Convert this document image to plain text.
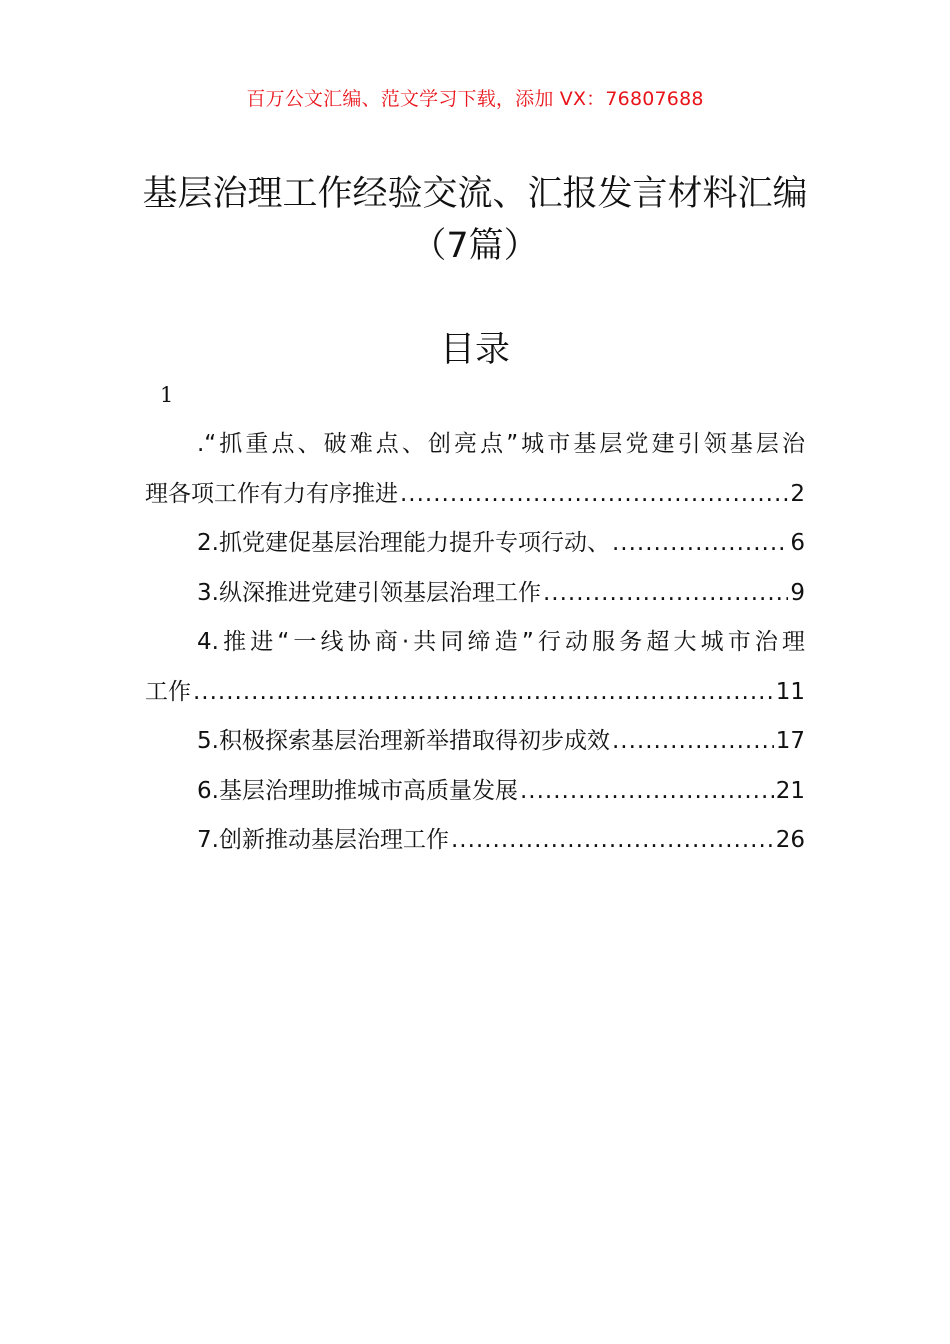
百万公文汇编、范文学习下载，添加 VX：76807688
基层治理工作经验交流、汇报发言材料汇编（7篇）
目录
1
.“抓重点、破难点、创亮点”城市基层党建引领基层治
理各项工作有力有序推进 .....	2
2.抓党建促基层治理能力提升专项行动、 .....	6
3.纵深推进党建引领基层治理工作 .....	9
4.推进“一线协商·共同缔造”行动服务超大城市治理
工作 .....	11
5.积极探索基层治理新举措取得初步成效 .....	17
6.基层治理助推城市高质量发展 .....	21
7.创新推动基层治理工作 .....	26
